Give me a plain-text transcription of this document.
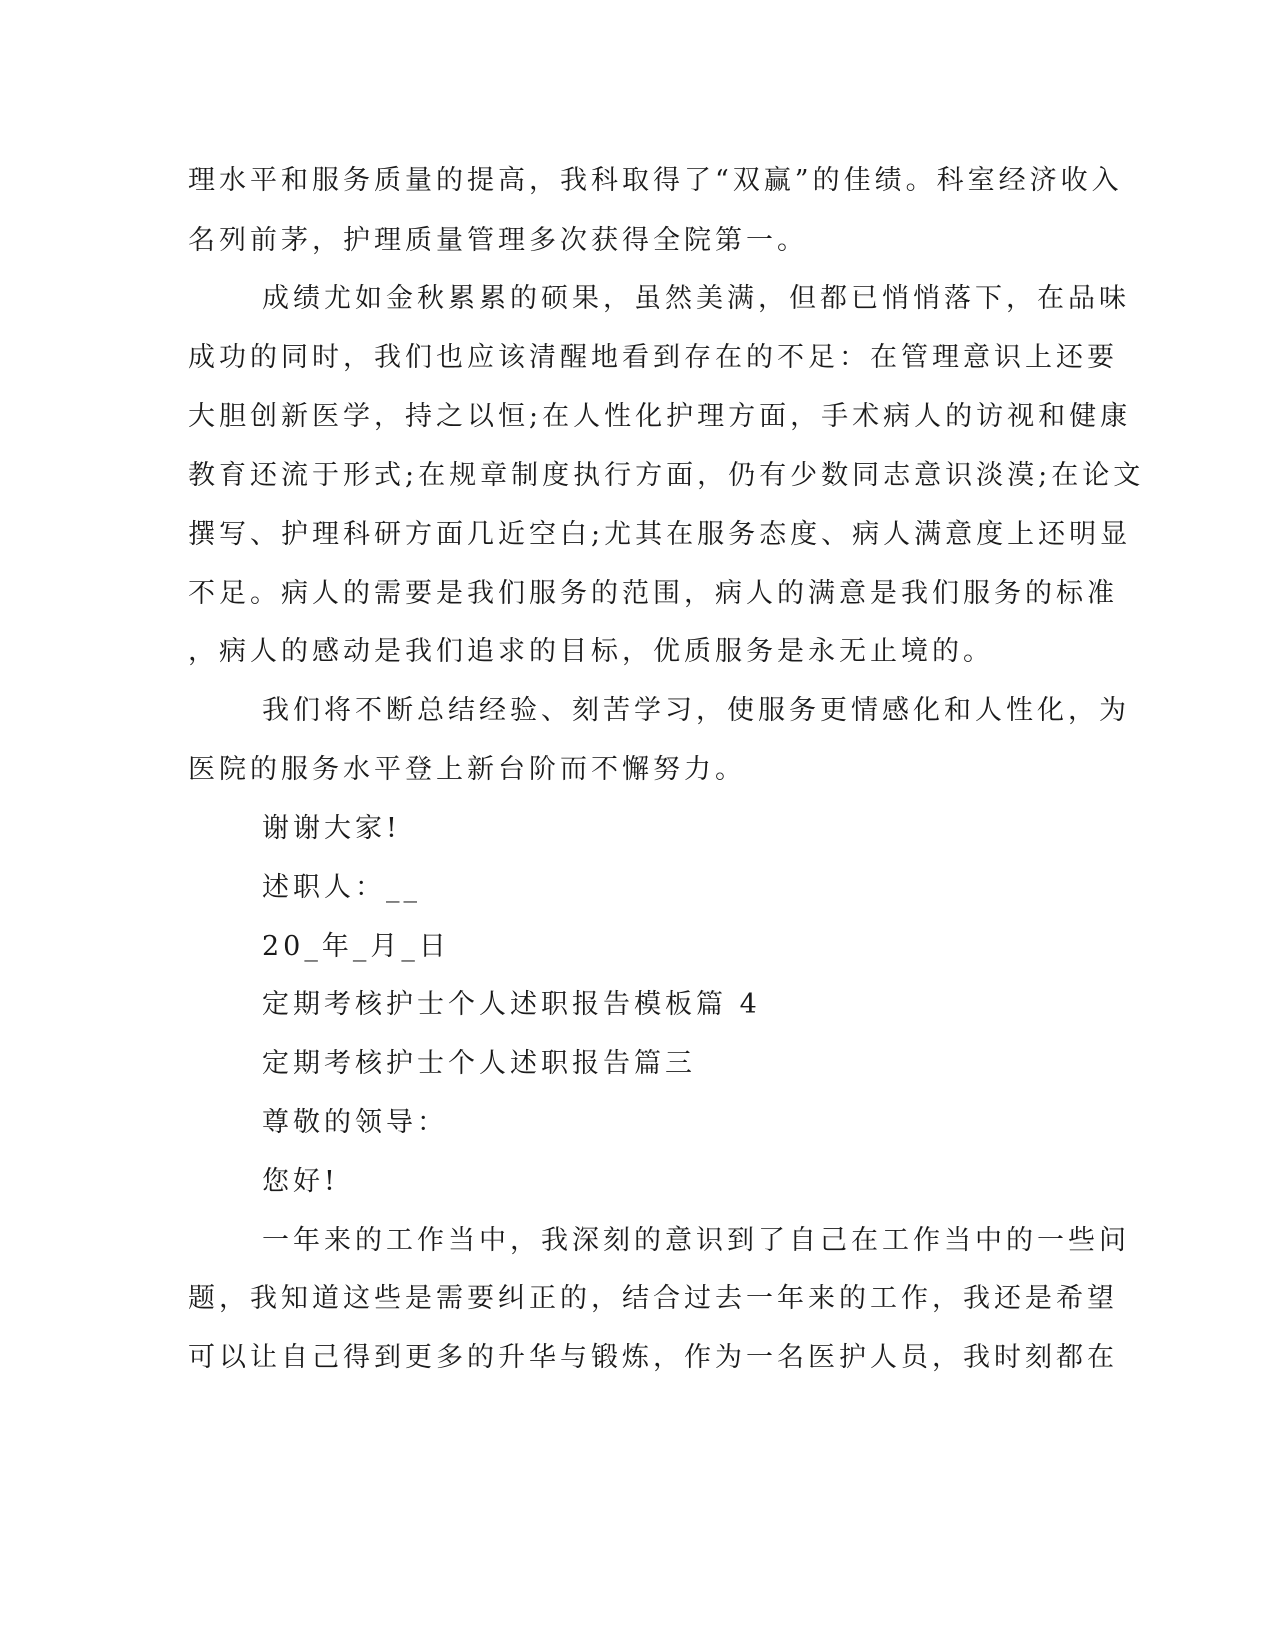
理水平和服务质量的提高，我科取得了“双赢”的佳绩。科室经济收入
名列前茅，护理质量管理多次获得全院第一。
成绩尤如金秋累累的硕果，虽然美满，但都已悄悄落下，在品味
成功的同时，我们也应该清醒地看到存在的不足：在管理意识上还要
大胆创新医学，持之以恒;在人性化护理方面，手术病人的访视和健康
教育还流于形式;在规章制度执行方面，仍有少数同志意识淡漠;在论文
撰写、护理科研方面几近空白;尤其在服务态度、病人满意度上还明显
不足。病人的需要是我们服务的范围，病人的满意是我们服务的标准
，病人的感动是我们追求的目标，优质服务是永无止境的。
我们将不断总结经验、刻苦学习，使服务更情感化和人性化，为
医院的服务水平登上新台阶而不懈努力。
谢谢大家!
述职人：__
20_年_月_日
定期考核护士个人述职报告模板篇 4
定期考核护士个人述职报告篇三
尊敬的领导：
您好!
一年来的工作当中，我深刻的意识到了自己在工作当中的一些问
题，我知道这些是需要纠正的，结合过去一年来的工作，我还是希望
可以让自己得到更多的升华与锻炼，作为一名医护人员，我时刻都在
